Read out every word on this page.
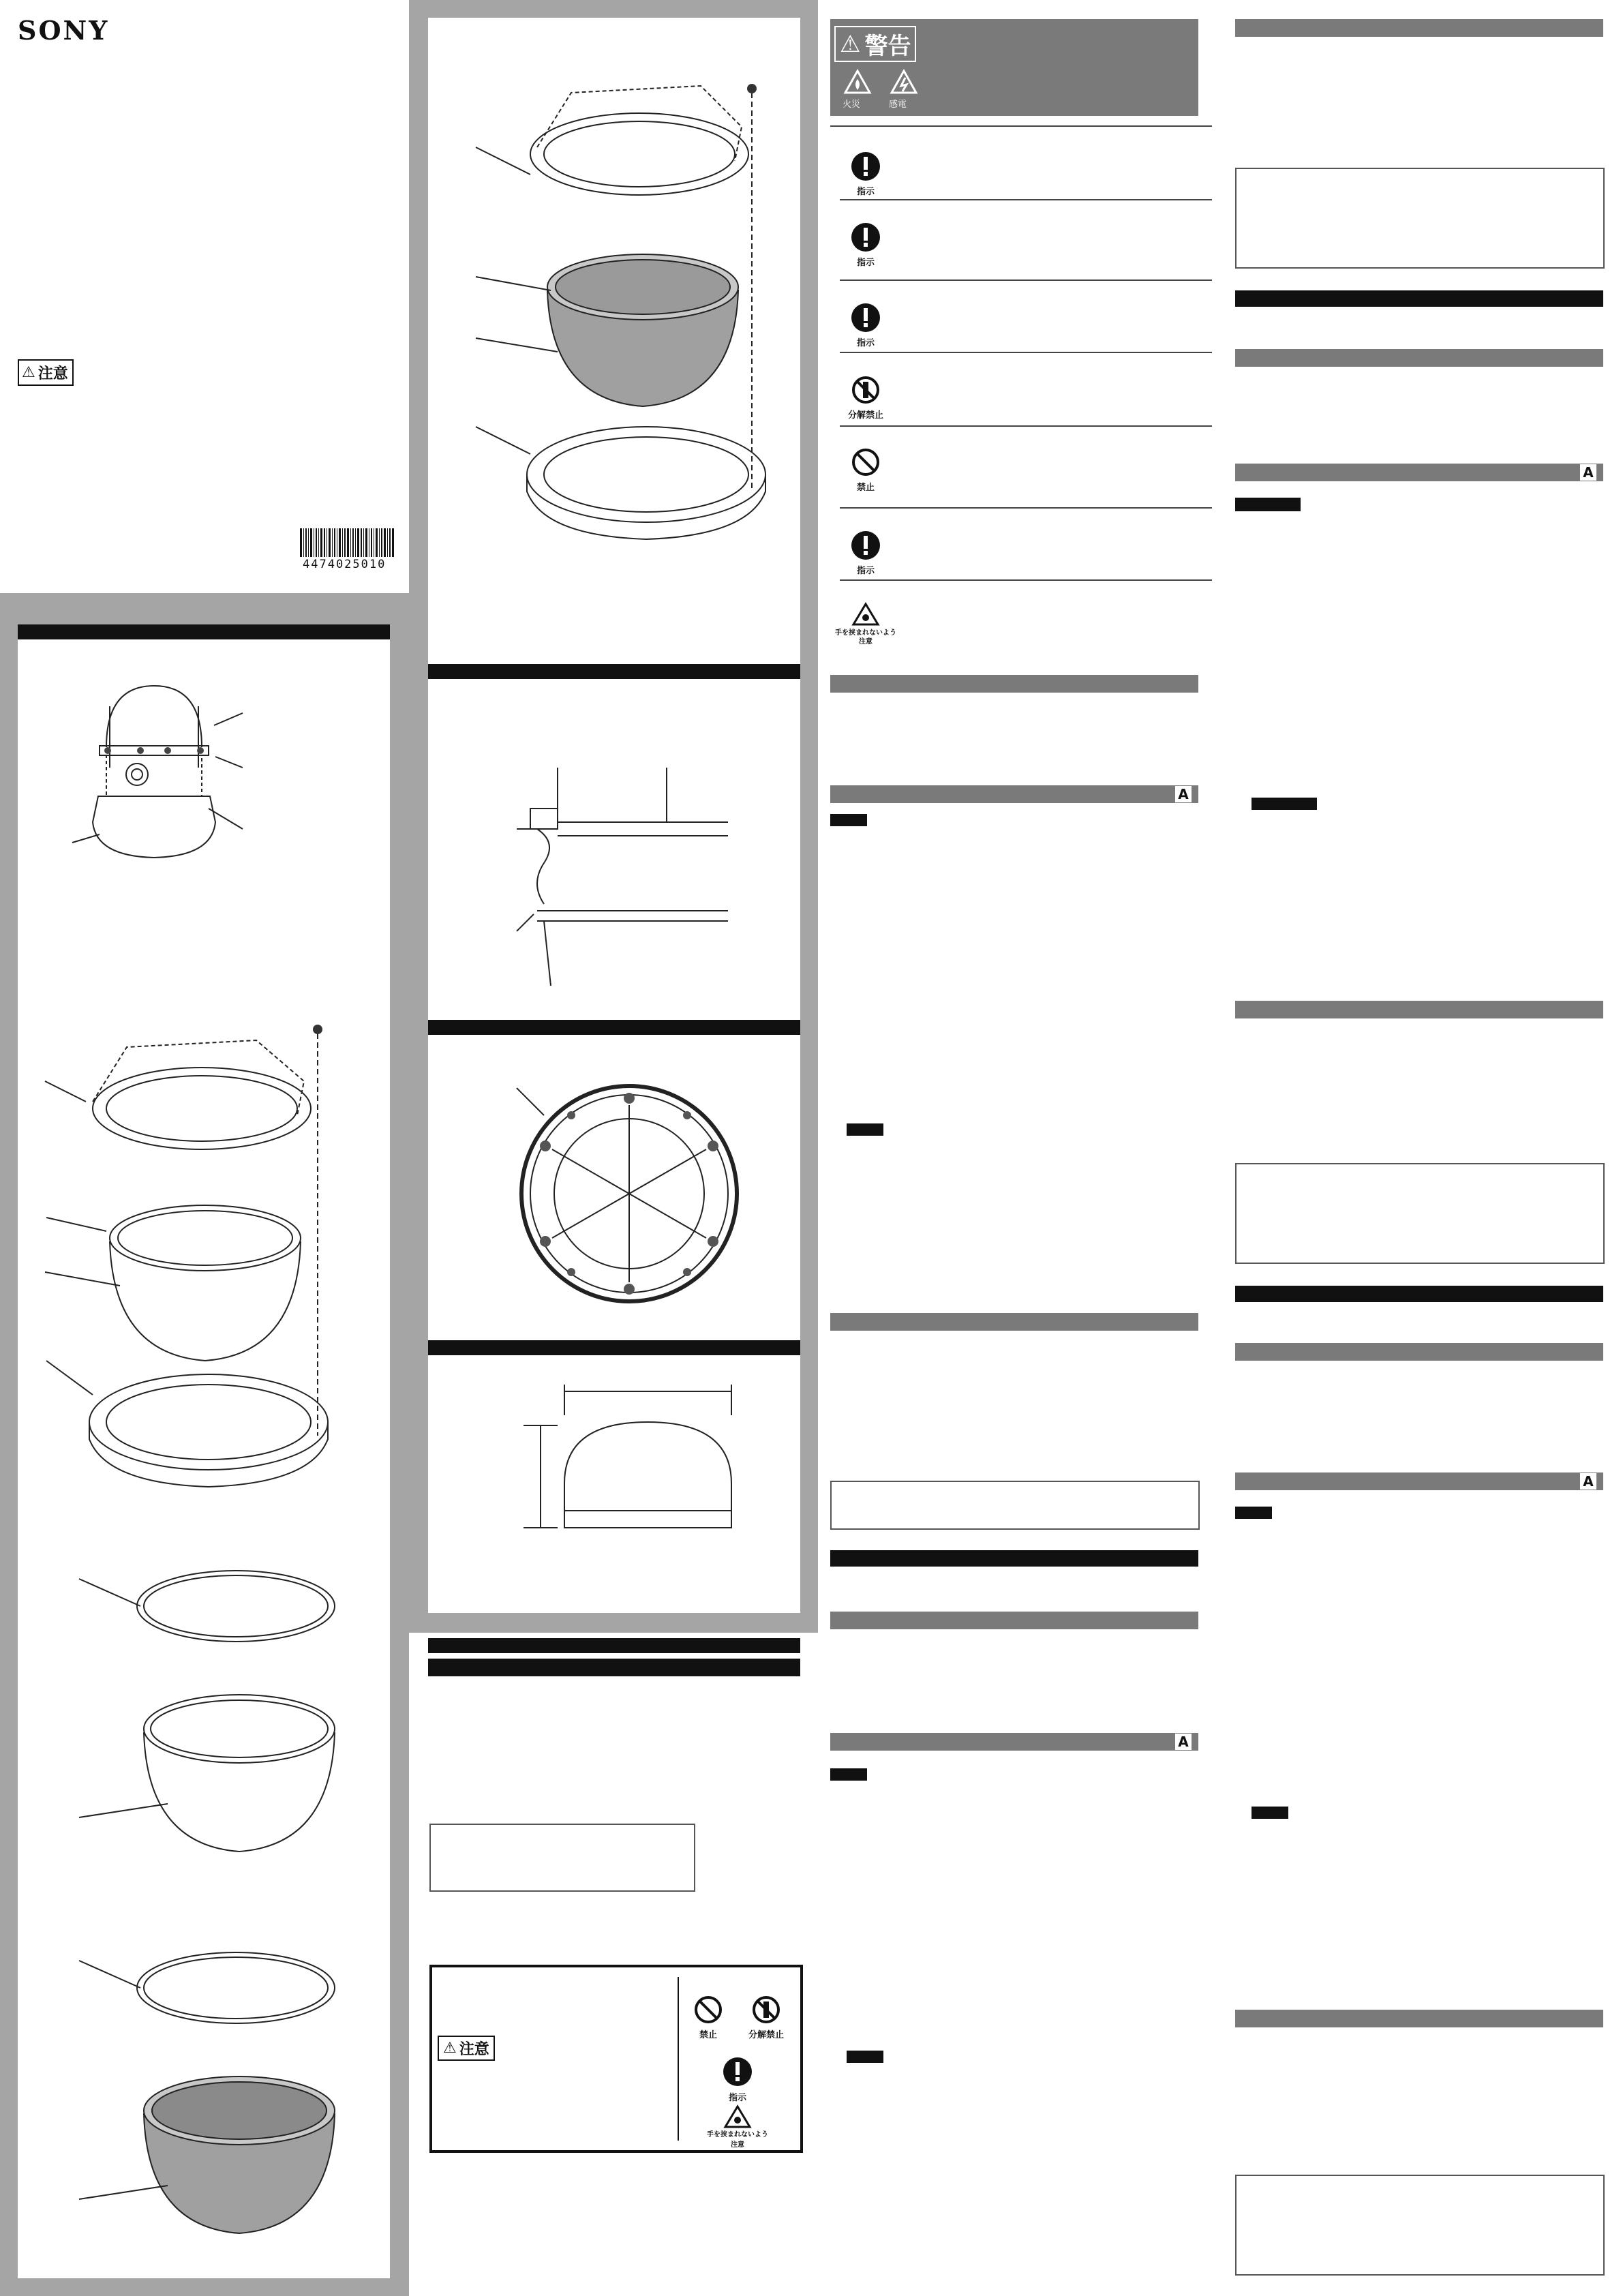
SONY
⚠ 注意
4474025010
⚠ 注意
禁止	分解禁止
指示
手を挟まれないよう注意
⚠ 警告
火災	感電
指示
指示
指示
分解禁止
禁止
指示
手を挟まれないよう注意
A
A
A
A
